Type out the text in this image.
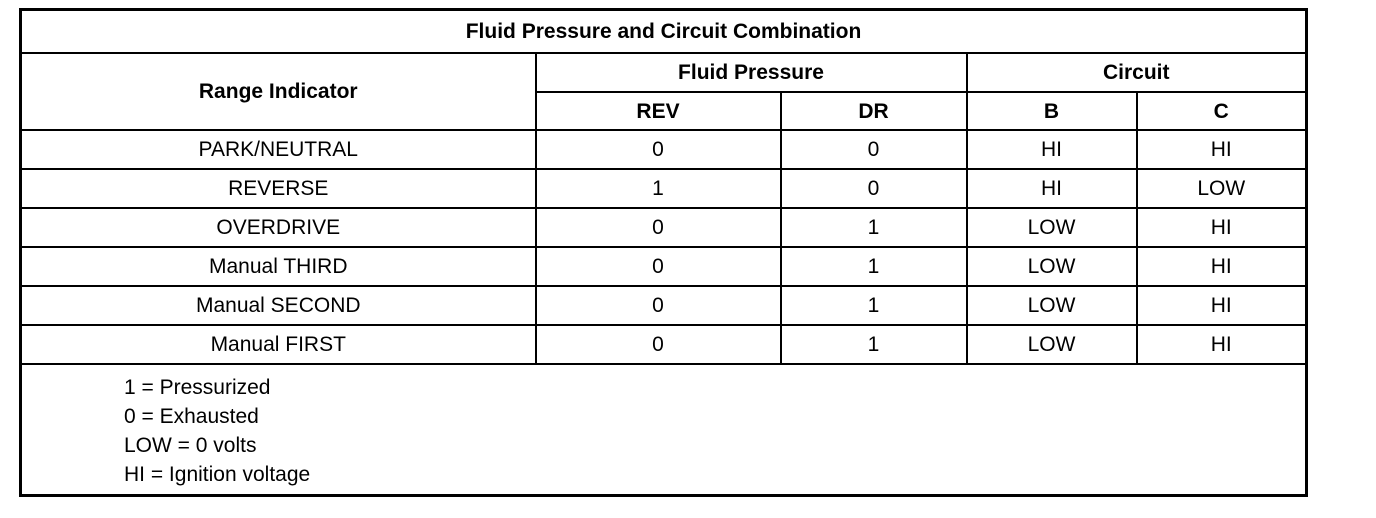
Fluid Pressure and Circuit Combination				
Range Indicator	Fluid Pressure		Circuit	
	REV	DR	B	C
PARK/NEUTRAL	0	0	HI	HI
REVERSE	1	0	HI	LOW
OVERDRIVE	0	1	LOW	HI
Manual THIRD	0	1	LOW	HI
Manual SECOND	0	1	LOW	HI
Manual FIRST	0	1	LOW	HI

1 = Pressurized
0 = Exhausted
LOW = 0 volts
HI = Ignition voltage				
